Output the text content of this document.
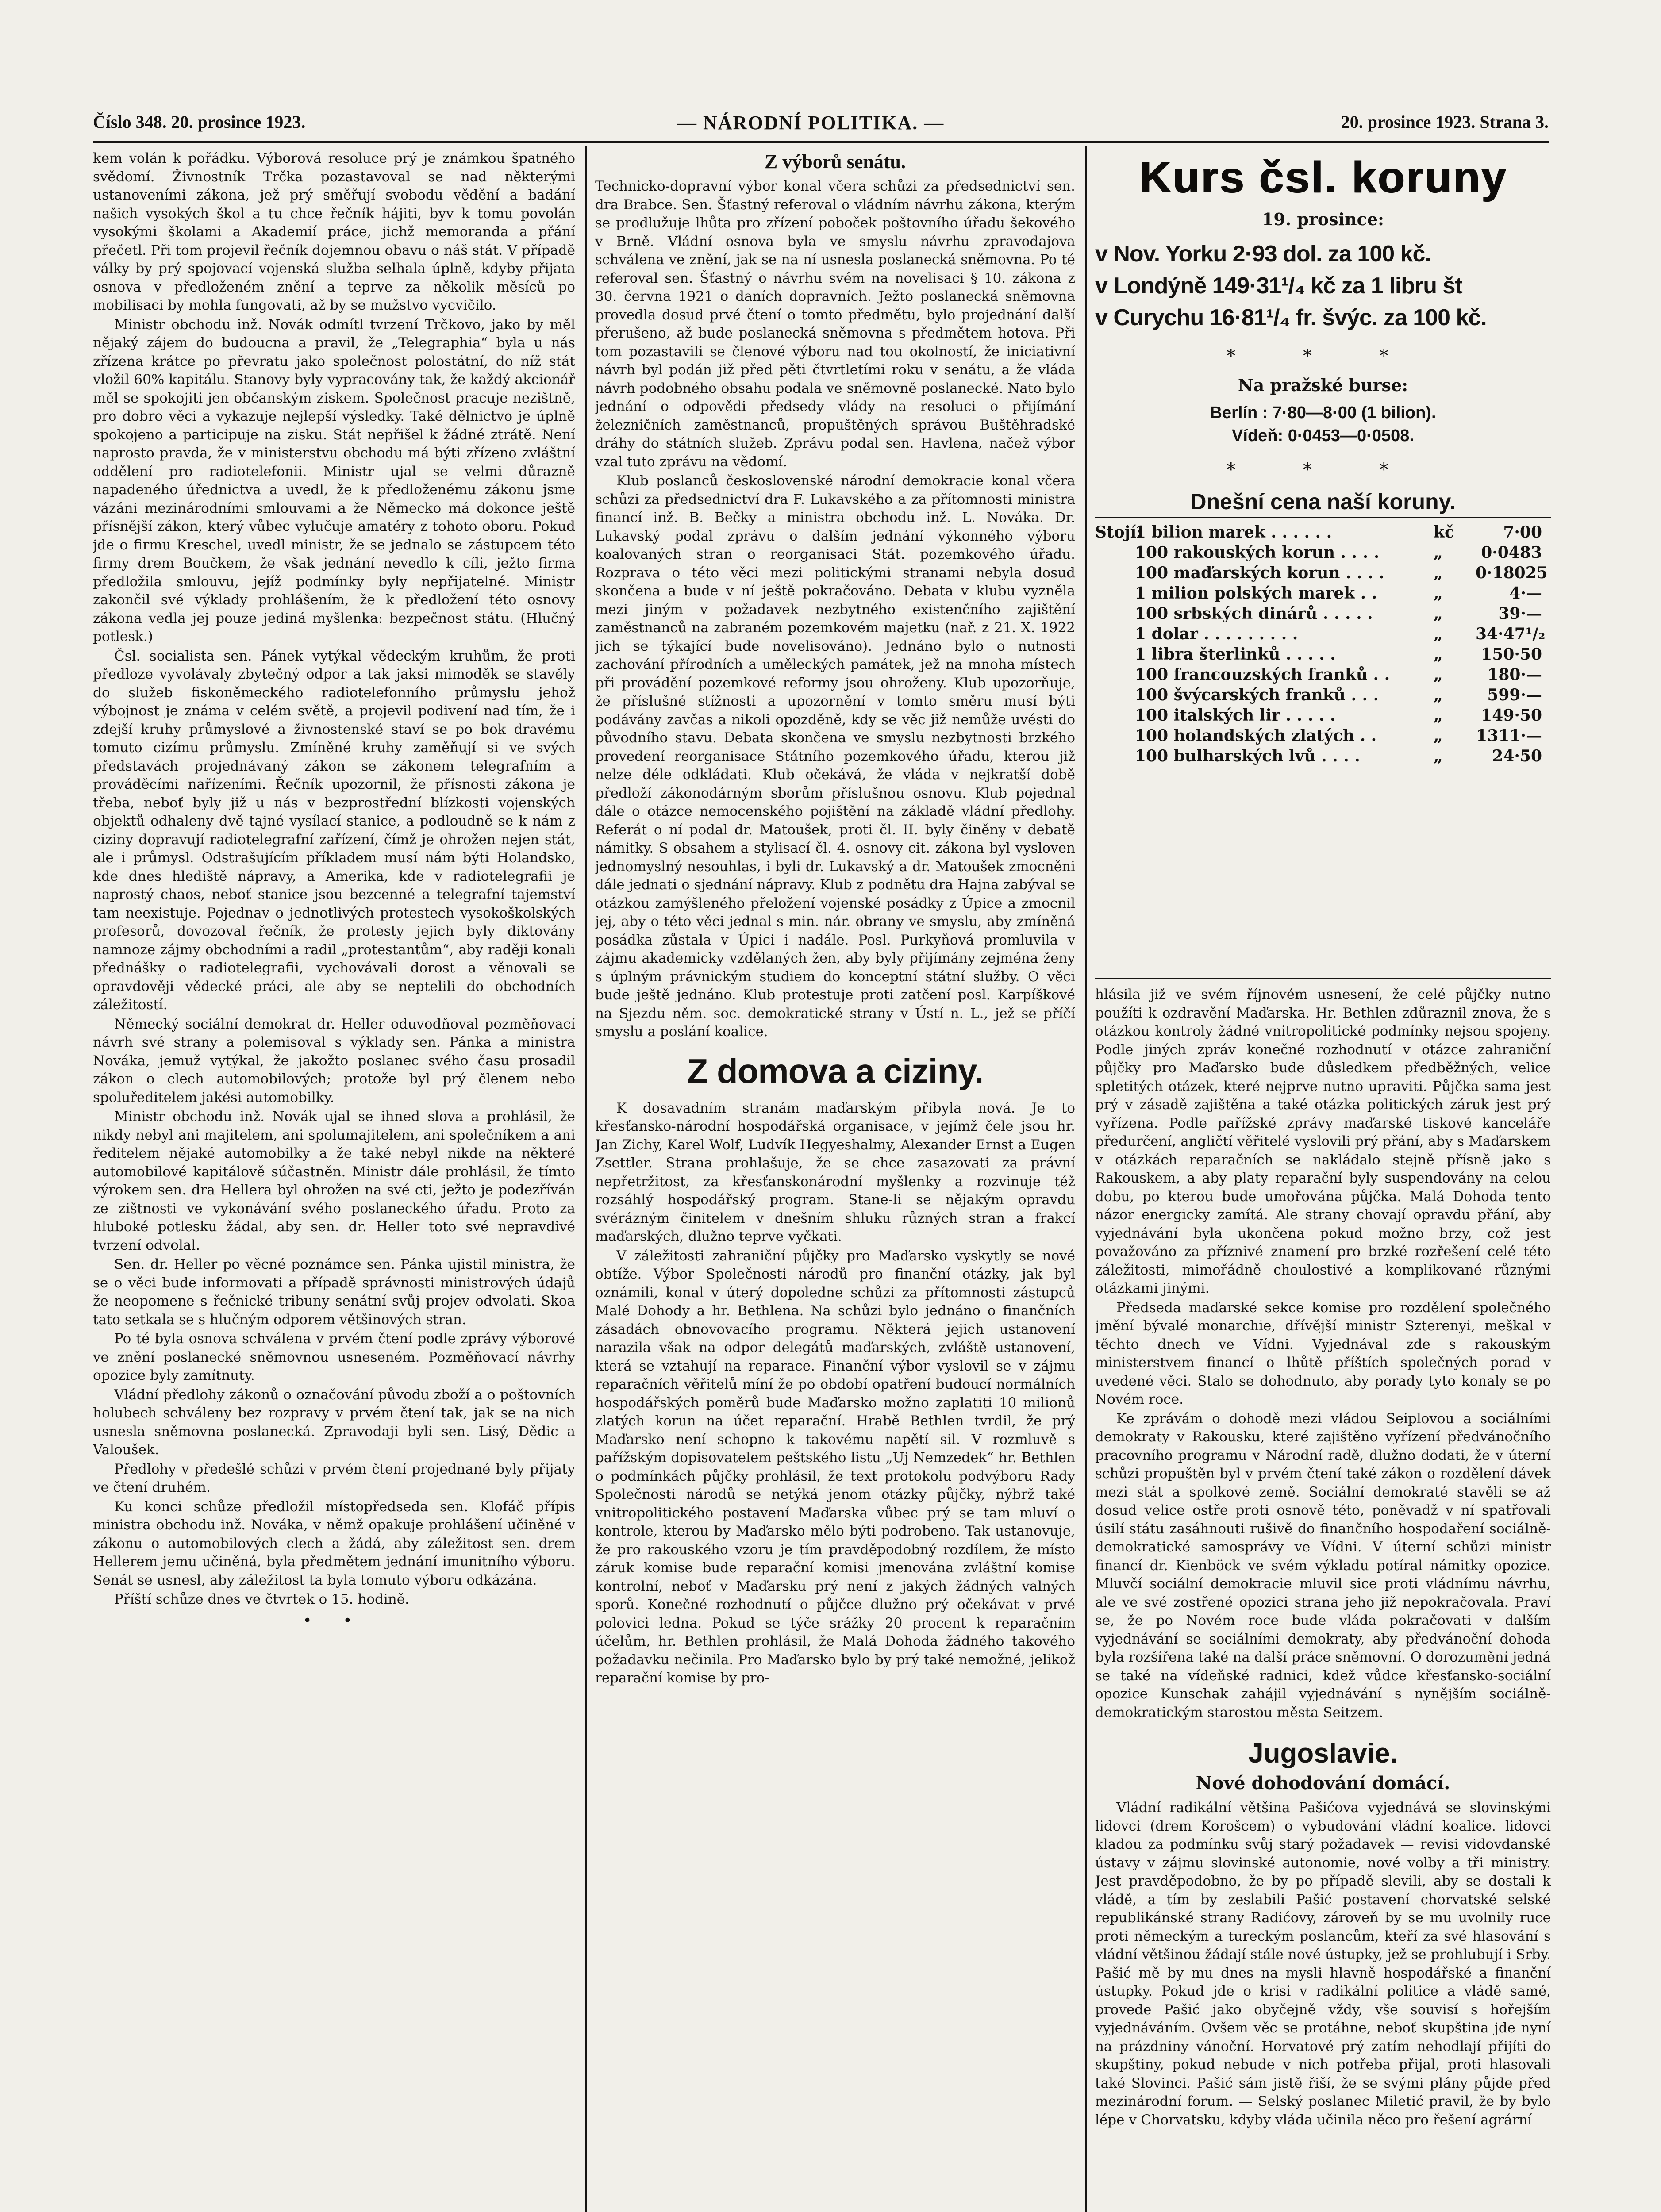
Číslo 348. 20. prosince 1923.	— NÁRODNÍ POLITIKA. —	20. prosince 1923. Strana 3.

kem volán k pořádku. Výborová resoluce prý je známkou špatného svědomí. Živnostník Trčka pozastavoval se nad některými ustanoveními zákona, jež prý směřují svobodu vědění a badání našich vysokých škol a tu chce řečník hájiti, byv k tomu povolán vysokými školami a Akademií práce, jichž memoranda a přání přečetl. Při tom projevil řečník dojemnou obavu o náš stát. V případě války by prý spojovací vojenská služba selhala úplně, kdyby přijata osnova v předloženém znění a teprve za několik měsíců po mobilisaci by mohla fungovati, až by se mužstvo vycvičilo.

Ministr obchodu inž. Novák odmítl tvrzení Trčkovo, jako by měl nějaký zájem do budoucna a pravil, že „Telegraphia“ byla u nás zřízena krátce po převratu jako společnost polostátní, do níž stát vložil 60% kapitálu. Stanovy byly vypracovány tak, že každý akcionář měl se spokojiti jen občanským ziskem. Společnost pracuje nezištně, pro dobro věci a vykazuje nejlepší výsledky. Také dělnictvo je úplně spokojeno a participuje na zisku. Stát nepřišel k žádné ztrátě. Není naprosto pravda, že v ministerstvu obchodu má býti zřízeno zvláštní oddělení pro radiotelefonii. Ministr ujal se velmi důrazně napadeného úřednictva a uvedl, že k předloženému zákonu jsme vázáni mezinárodními smlouvami a že Německo má dokonce ještě přísnější zákon, který vůbec vylučuje amatéry z tohoto oboru. Pokud jde o firmu Kreschel, uvedl ministr, že se jednalo se zástupcem této firmy drem Boučkem, že však jednání nevedlo k cíli, ježto firma předložila smlouvu, jejíž podmínky byly nepřijatelné. Ministr zakončil své výklady prohlášením, že k předložení této osnovy zákona vedla jej pouze jediná myšlenka: bezpečnost státu. (Hlučný potlesk.)

Čsl. socialista sen. Pánek vytýkal vědeckým kruhům, že proti předloze vyvolávaly zbytečný odpor a tak jaksi mimoděk se stavěly do služeb fiskoněmeckého radiotelefonního průmyslu jehož výbojnost je známa v celém světě, a projevil podivení nad tím, že i zdejší kruhy průmyslové a živnostenské staví se po bok dravému tomuto cizímu průmyslu. Zmíněné kruhy zaměňují si ve svých představách projednávaný zákon se zákonem telegrafním a prováděcími nařízeními. Řečník upozornil, že přísnosti zákona je třeba, neboť byly již u nás v bezprostřední blízkosti vojenských objektů odhaleny dvě tajné vysílací stanice, a podloudně se k nám z ciziny dopravují radiotelegrafní zařízení, čímž je ohrožen nejen stát, ale i průmysl. Odstrašujícím příkladem musí nám býti Holandsko, kde dnes hlediště nápravy, a Amerika, kde v radiotelegrafii je naprostý chaos, neboť stanice jsou bezcenné a telegrafní tajemství tam neexistuje. Pojednav o jednotlivých protestech vysokoškolských profesorů, dovozoval řečník, že protesty jejich byly diktovány namnoze zájmy obchodními a radil „protestantům“, aby raději konali přednášky o radiotelegrafii, vychovávali dorost a věnovali se opravdověji vědecké práci, ale aby se neptelili do obchodních záležitostí.

Německý sociální demokrat dr. Heller oduvodňoval pozměňovací návrh své strany a polemisoval s výklady sen. Pánka a ministra Nováka, jemuž vytýkal, že jakožto poslanec svého času prosadil zákon o clech automobilových; protože byl prý členem nebo spoluředitelem jakési automobilky.

Ministr obchodu inž. Novák ujal se ihned slova a prohlásil, že nikdy nebyl ani majitelem, ani spolumajitelem, ani společníkem a ani ředitelem nějaké automobilky a že také nebyl nikde na některé automobilové kapitálově súčastněn. Ministr dále prohlásil, že tímto výrokem sen. dra Hellera byl ohrožen na své cti, ježto je podezříván ze zištnosti ve vykonávání svého poslaneckého úřadu. Proto za hluboké potlesku žádal, aby sen. dr. Heller toto své nepravdivé tvrzení odvolal.

Sen. dr. Heller po věcné poznámce sen. Pánka ujistil ministra, že se o věci bude informovati a případě správnosti ministrových údajů že neopomene s řečnické tribuny senátní svůj projev odvolati. Skoa tato setkala se s hlučným odporem většinových stran.

Po té byla osnova schválena v prvém čtení podle zprávy výborové ve znění poslanecké sněmovnou usneseném. Pozměňovací návrhy opozice byly zamítnuty.

Vládní předlohy zákonů o označování původu zboží a o poštovních holubech schváleny bez rozpravy v prvém čtení tak, jak se na nich usnesla sněmovna poslanecká. Zpravodaji byli sen. Lisý, Dědic a Valoušek.

Předlohy v předešlé schůzi v prvém čtení projednané byly přijaty ve čtení druhém.

Ku konci schůze předložil místopředseda sen. Klofáč přípis ministra obchodu inž. Nováka, v němž opakuje prohlášení učiněné v zákonu o automobilových clech a žádá, aby záležitost sen. drem Hellerem jemu učiněná, byla předmětem jednání imunitního výboru. Senát se usnesl, aby záležitost ta byla tomuto výboru odkázána.

Příští schůze dnes ve čtvrtek o 15. hodině.

• •
Z výborů senátu.

Technicko-dopravní výbor konal včera schůzi za předsednictví sen. dra Brabce. Sen. Šťastný referoval o vládním návrhu zákona, kterým se prodlužuje lhůta pro zřízení poboček poštovního úřadu šekového v Brně. Vládní osnova byla ve smyslu návrhu zpravodajova schválena ve znění, jak se na ní usnesla poslanecká sněmovna. Po té referoval sen. Šťastný o návrhu svém na novelisaci § 10. zákona z 30. června 1921 o daních dopravních. Ježto poslanecká sněmovna provedla dosud prvé čtení o tomto předmětu, bylo projednání další přerušeno, až bude poslanecká sněmovna s předmětem hotova. Při tom pozastavili se členové výboru nad tou okolností, že iniciativní návrh byl podán již před pěti čtvrtletími roku v senátu, a že vláda návrh podobného obsahu podala ve sněmovně poslanecké. Nato bylo jednání o odpovědi předsedy vlády na resoluci o přijímání železničních zaměstnanců, propuštěných správou Buštěhradské dráhy do státních služeb. Zprávu podal sen. Havlena, načež výbor vzal tuto zprávu na vědomí.

Klub poslanců československé národní demokracie konal včera schůzi za předsednictví dra F. Lukavského a za přítomnosti ministra financí inž. B. Bečky a ministra obchodu inž. L. Nováka. Dr. Lukavský podal zprávu o dalším jednání výkonného výboru koalovaných stran o reorganisaci Stát. pozemkového úřadu. Rozprava o této věci mezi politickými stranami nebyla dosud skončena a bude v ní ještě pokračováno. Debata v klubu vyzněla mezi jiným v požadavek nezbytného existenčního zajištění zaměstnanců na zabraném pozemkovém majetku (nař. z 21. X. 1922 jich se týkající bude novelisováno). Jednáno bylo o nutnosti zachování přírodních a uměleckých památek, jež na mnoha místech při provádění pozemkové reformy jsou ohroženy. Klub upozorňuje, že příslušné stížnosti a upozornění v tomto směru musí býti podávány zavčas a nikoli opozděně, kdy se věc již nemůže uvésti do původního stavu. Debata skončena ve smyslu nezbytnosti brzkého provedení reorganisace Státního pozemkového úřadu, kterou již nelze déle odkládati. Klub očekává, že vláda v nejkratší době předloží zákonodárným sborům příslušnou osnovu. Klub pojednal dále o otázce nemocenského pojištění na základě vládní předlohy. Referát o ní podal dr. Matoušek, proti čl. II. byly činěny v debatě námitky. S obsahem a stylisací čl. 4. osnovy cit. zákona byl vysloven jednomyslný nesouhlas, i byli dr. Lukavský a dr. Matoušek zmocněni dále jednati o sjednání nápravy. Klub z podnětu dra Hajna zabýval se otázkou zamýšleného přeložení vojenské posádky z Úpice a zmocnil jej, aby o této věci jednal s min. nár. obrany ve smyslu, aby zmíněná posádka zůstala v Úpici i nadále. Posl. Purkyňová promluvila v zájmu akademicky vzdělaných žen, aby byly přijímány zejména ženy s úplným právnickým studiem do konceptní státní služby. O věci bude ještě jednáno. Klub protestuje proti zatčení posl. Karpíškové na Sjezdu něm. soc. demokratické strany v Ústí n. L., jež se příčí smyslu a poslání koalice.

Z domova a ciziny.

K dosavadním stranám maďarským přibyla nová. Je to křesťansko-národní hospodářská organisace, v jejímž čele jsou hr. Jan Zichy, Karel Wolf, Ludvík Hegyeshalmy, Alexander Ernst a Eugen Zsettler. Strana prohlašuje, že se chce zasazovati za právní nepřetržitost, za křesťanskonárodní myšlenky a rozvinuje též rozsáhlý hospodářský program. Stane-li se nějakým opravdu svérázným činitelem v dnešním shluku různých stran a frakcí maďarských, dlužno teprve vyčkati.

V záležitosti zahraniční půjčky pro Maďarsko vyskytly se nové obtíže. Výbor Společnosti národů pro finanční otázky, jak byl oznámili, konal v úterý dopoledne schůzi za přítomnosti zástupců Malé Dohody a hr. Bethlena. Na schůzi bylo jednáno o finančních zásadách obnovovacího programu. Některá jejich ustanovení narazila však na odpor delegátů maďarských, zvláště ustanovení, která se vztahují na reparace. Finanční výbor vyslovil se v zájmu reparačních věřitelů míní že po období opatření budoucí normálních hospodářských poměrů bude Maďarsko možno zaplatiti 10 milionů zlatých korun na účet reparační. Hrabě Bethlen tvrdil, že prý Maďarsko není schopno k takovému napětí sil. V rozmluvě s pařížským dopisovatelem peštského listu „Uj Nemzedek“ hr. Bethlen o podmínkách půjčky prohlásil, že text protokolu podvýboru Rady Společnosti národů se netýká jenom otázky půjčky, nýbrž také vnitropolitického postavení Maďarska vůbec prý se tam mluví o kontrole, kterou by Maďarsko mělo býti podrobeno. Tak ustanovuje, že pro rakouského vzoru je tím pravděpodobný rozdílem, že místo záruk komise bude reparační komisi jmenována zvláštní komise kontrolní, neboť v Maďarsku prý není z jakých žádných valných sporů. Konečné rozhodnutí o půjčce dlužno prý očekávat v prvé polovici ledna. Pokud se týče srážky 20 procent k reparačním účelům, hr. Bethlen prohlásil, že Malá Dohoda žádného takového požadavku nečinila. Pro Maďarsko bylo by prý také nemožné, jelikož reparační komise by pro-

Kurs čsl. koruny
19. prosince:
v Nov. Yorku 2·93 dol. za 100 kč.
v Londýně 149·31¹/₄ kč za 1 libru št
v Curychu 16·81¹/₄ fr. švýc. za 100 kč.
* * *
Na pražské burse:
Berlín : 7·80—8·00 (1 bilion).
Vídeň: 0·0453—0·0508.
* * *
Dnešní cena naší koruny.
Stojí:
1 bilion marek . . . . . .	kč	7·00
100 rakouských korun . . . .	„	0·0483
100 maďarských korun . . . .	„ 0·18025
1 milion polských marek . .	„	4·—
100 srbských dinárů . . . . .	„	39·—
1 dolar . . . . . . . . .	„ 34·47¹/₂
1 libra šterlinků . . . . .	„	150·50
100 francouzských franků . .	„	180·—
100 švýcarských franků . . .	„	599·—
100 italských lir . . . . .	„	149·50
100 holandských zlatých . .	„ 1311·—
100 bulharských lvů . . . .	„	24·50

hlásila již ve svém říjnovém usnesení, že celé půjčky nutno použíti k ozdravění Maďarska. Hr. Bethlen zdůraznil znova, že s otázkou kontroly žádné vnitropolitické podmínky nejsou spojeny. Podle jiných zpráv konečné rozhodnutí v otázce zahraniční půjčky pro Maďarsko bude důsledkem předběžných, velice spletitých otázek, které nejprve nutno upraviti. Půjčka sama jest prý v zásadě zajištěna a také otázka politických záruk jest prý vyřízena. Podle pařížské zprávy maďarské tiskové kanceláře předurčení, angličtí věřitelé vyslovili prý přání, aby s Maďarskem v otázkách reparačních se nakládalo stejně přísně jako s Rakouskem, a aby platy reparační byly suspendovány na celou dobu, po kterou bude umořována půjčka. Malá Dohoda tento názor energicky zamítá. Ale strany chovají opravdu přání, aby vyjednávání byla ukončena pokud možno brzy, což jest považováno za příznivé znamení pro brzké rozřešení celé této záležitosti, mimořádně choulostivé a komplikované různými otázkami jinými.

Předseda maďarské sekce komise pro rozdělení společného jmění bývalé monarchie, dřívější ministr Szterenyi, meškal v těchto dnech ve Vídni. Vyjednával zde s rakouským ministerstvem financí o lhůtě příštích společných porad v uvedené věci. Stalo se dohodnuto, aby porady tyto konaly se po Novém roce.

Ke zprávám o dohodě mezi vládou Seiplovou a sociálními demokraty v Rakousku, které zajištěno vyřízení předvánočního pracovního programu v Národní radě, dlužno dodati, že v úterní schůzi propuštěn byl v prvém čtení také zákon o rozdělení dávek mezi stát a spolkové země. Sociální demokraté stavěli se až dosud velice ostře proti osnově této, poněvadž v ní spatřovali úsilí státu zasáhnouti rušivě do finančního hospodaření sociálně-demokratické samosprávy ve Vídni. V úterní schůzi ministr financí dr. Kienböck ve svém výkladu potíral námitky opozice. Mluvčí sociální demokracie mluvil sice proti vládnímu návrhu, ale ve své zostřené opozici strana jeho již nepokračovala. Praví se, že po Novém roce bude vláda pokračovati v dalším vyjednávání se sociálními demokraty, aby předvánoční dohoda byla rozšířena také na další práce sněmovní. O dorozumění jedná se také na vídeňské radnici, kdež vůdce křesťansko-sociální opozice Kunschak zahájil vyjednávání s nynějším sociálně-demokratickým starostou města Seitzem.

Jugoslavie.
Nové dohodování domácí.

Vládní radikální většina Pašićova vyjednává se slovinskými lidovci (drem Korošcem) o vybudování vládní koalice. lidovci kladou za podmínku svůj starý požadavek — revisi vidovdanské ústavy v zájmu slovinské autonomie, nové volby a tři ministry. Jest pravděpodobno, že by po případě slevili, aby se dostali k vládě, a tím by zeslabili Pašić postavení chorvatské selské republikánské strany Radićovy, zároveň by se mu uvolnily ruce proti německým a tureckým poslancům, kteří za své hlasování s vládní většinou žádají stále nové ústupky, jež se prohlubují i Srby. Pašić mě by mu dnes na mysli hlavně hospodářské a finanční ústupky. Pokud jde o krisi v radikální politice a vládě samé, provede Pašić jako obyčejně vždy, vše souvisí s hořejším vyjednáváním. Ovšem věc se protáhne, neboť skupština jde nyní na prázdniny vánoční. Horvatové prý zatím nehodlají přijíti do skupštiny, pokud nebude v nich potřeba přijal, proti hlasovali také Slovinci. Pašić sám jistě řiší, že se svými plány půjde před mezinárodní forum. — Selský poslanec Miletić pravil, že by bylo lépe v Chorvatsku, kdyby vláda učinila něco pro řešení agrární
